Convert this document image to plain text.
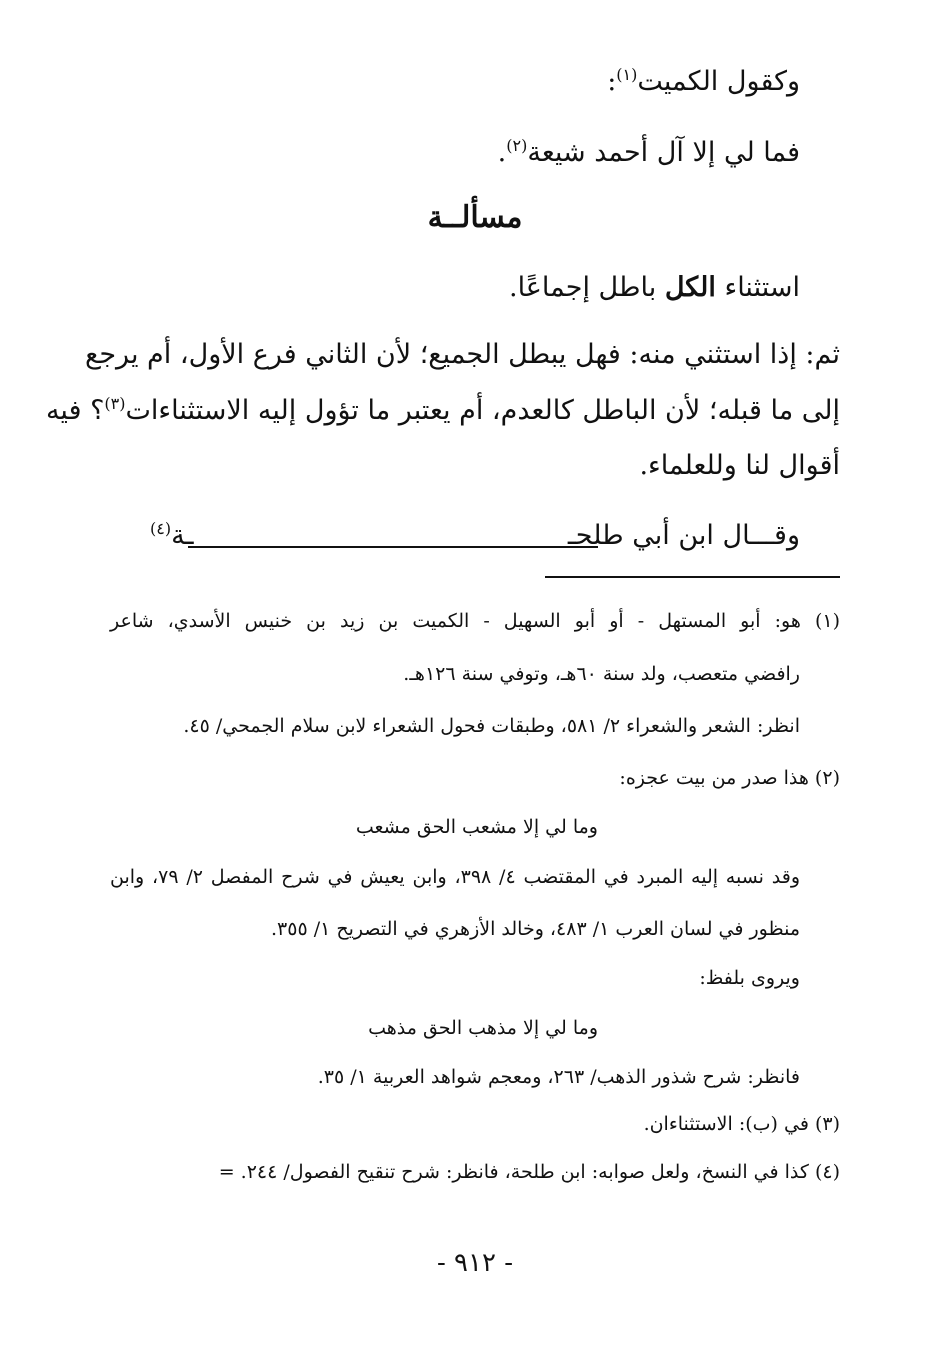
وكقول الكميت$^{(١)}$:
فما لي إلا آل أحمد شيعة$^{(٢)}$.
مسألــة
استثناء الكل باطل إجماعًا.
ثم: إذا استثني منه: فهل يبطل الجميع؛ لأن الثاني فرع الأول، أم يرجع
إلى ما قبله؛ لأن الباطل كالعدم، أم يعتبر ما تؤول إليه الاستثناءات$^{(٣)}$؟ فيه
أقوال لنا وللعلماء.
وقـــال ابن أبي طلحـ
ـة$^{(٤)}$
(١) هو: أبو المستهل - أو أبو السهيل - الكميت بن زيد بن خنيس الأسدي، شاعر
رافضي متعصب، ولد سنة ٦٠هـ، وتوفي سنة ١٢٦هـ.
انظر: الشعر والشعراء ٢/ ٥٨١، وطبقات فحول الشعراء لابن سلام الجمحي/ ٤٥.
(٢) هذا صدر من بيت عجزه:
وما لي إلا مشعب الحق مشعب
وقد نسبه إليه المبرد في المقتضب ٤/ ٣٩٨، وابن يعيش في شرح المفصل ٢/ ٧٩، وابن
منظور في لسان العرب ١/ ٤٨٣، وخالد الأزهري في التصريح ١/ ٣٥٥.
ويروى بلفظ:
وما لي إلا مذهب الحق مذهب
فانظر: شرح شذور الذهب/ ٢٦٣، ومعجم شواهد العربية ١/ ٣٥.
(٣) في (ب): الاستثناءان.
(٤) كذا في النسخ، ولعل صوابه: ابن طلحة، فانظر: شرح تنقيح الفصول/ ٢٤٤. =
- ٩١٢ -
